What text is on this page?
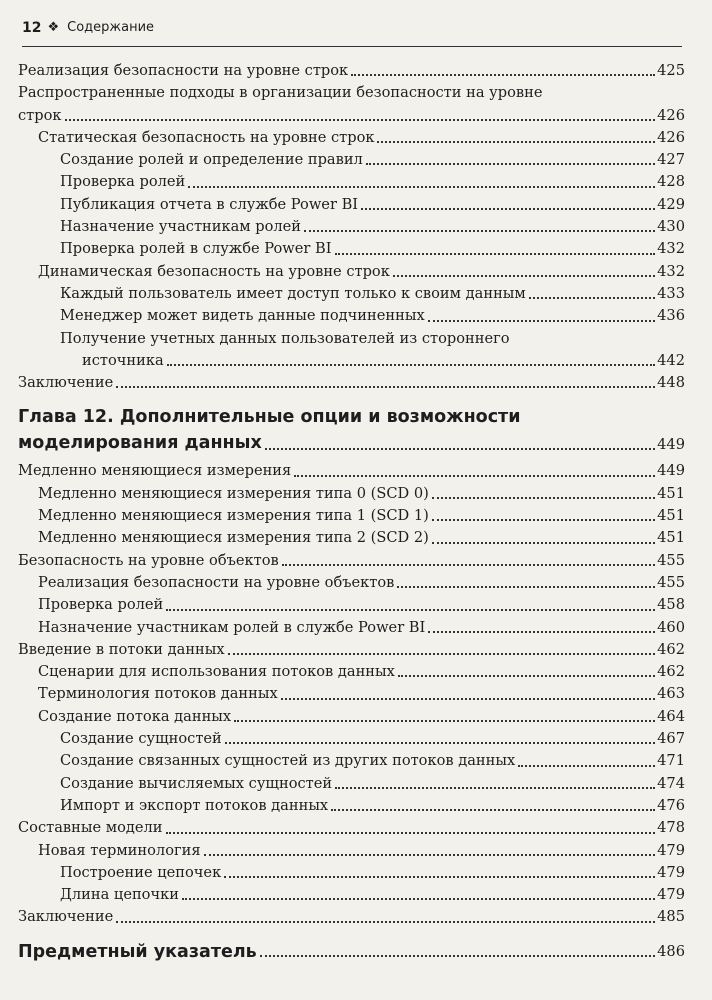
12 ❖ Содержание
Реализация безопасности на уровне строк	425
Распространенные подходы в организации безопасности на уровне
строк	426
Статическая безопасность на уровне строк	426
Создание ролей и определение правил	427
Проверка ролей	428
Публикация отчета в службе Power BI	429
Назначение участникам ролей	430
Проверка ролей в службе Power BI	432
Динамическая безопасность на уровне строк	432
Каждый пользователь имеет доступ только к своим данным	433
Менеджер может видеть данные подчиненных	436
Получение учетных данных пользователей из стороннего
источника	442
Заключение	448
Глава 12. Дополнительные опции и возможности
моделирования данных	449
Медленно меняющиеся измерения	449
Медленно меняющиеся измерения типа 0 (SCD 0)	451
Медленно меняющиеся измерения типа 1 (SCD 1)	451
Медленно меняющиеся измерения типа 2 (SCD 2)	451
Безопасность на уровне объектов	455
Реализация безопасности на уровне объектов	455
Проверка ролей	458
Назначение участникам ролей в службе Power BI	460
Введение в потоки данных	462
Сценарии для использования потоков данных	462
Терминология потоков данных	463
Создание потока данных	464
Создание сущностей	467
Создание связанных сущностей из других потоков данных	471
Создание вычисляемых сущностей	474
Импорт и экспорт потоков данных	476
Составные модели	478
Новая терминология	479
Построение цепочек	479
Длина цепочки	479
Заключение	485
Предметный указатель	486
